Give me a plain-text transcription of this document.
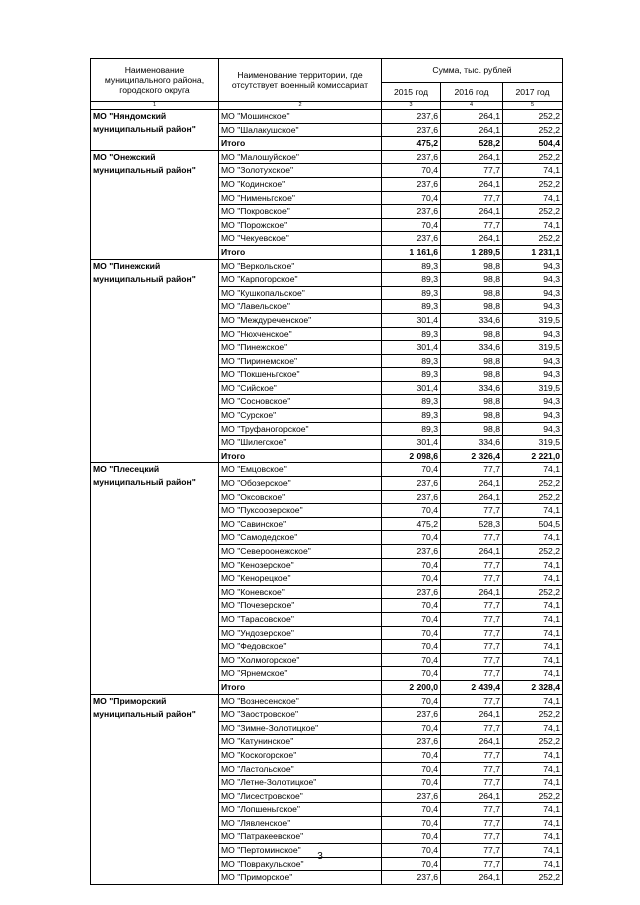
Наименование муниципального района, городского округа	Наименование территории, где отсутствует военный комиссариат	Сумма, тыс. рублей		
		2015 год	2016 год	2017 год
1	2	3	4	5
МО "Няндомский муниципальный район"	МО "Мошинское"	237,6	264,1	252,2
	МО "Шалакушское"	237,6	264,1	252,2
	Итого	475,2	528,2	504,4
МО "Онежский муниципальный район"	МО "Малошуйское"	237,6	264,1	252,2
	МО "Золотухское"	70,4	77,7	74,1
	МО "Кодинское"	237,6	264,1	252,2
	МО "Нименьгское"	70,4	77,7	74,1
	МО "Покровское"	237,6	264,1	252,2
	МО "Порожское"	70,4	77,7	74,1
	МО "Чекуевское"	237,6	264,1	252,2
	Итого	1 161,6	1 289,5	1 231,1
МО "Пинежский муниципальный район"	МО "Веркольское"	89,3	98,8	94,3
	МО "Карпогорское"	89,3	98,8	94,3
	МО "Кушкопальское"	89,3	98,8	94,3
	МО "Лавельское"	89,3	98,8	94,3
	МО "Междуреченское"	301,4	334,6	319,5
	МО "Нюхченское"	89,3	98,8	94,3
	МО "Пинежское"	301,4	334,6	319,5
	МО "Пиринемское"	89,3	98,8	94,3
	МО "Покшеньгское"	89,3	98,8	94,3
	МО "Сийское"	301,4	334,6	319,5
	МО "Сосновское"	89,3	98,8	94,3
	МО "Сурское"	89,3	98,8	94,3
	МО "Труфаногорское"	89,3	98,8	94,3
	МО "Шилегское"	301,4	334,6	319,5
	Итого	2 098,6	2 326,4	2 221,0
МО "Плесецкий муниципальный район"	МО "Емцовское"	70,4	77,7	74,1
	МО "Обозерское"	237,6	264,1	252,2
	МО "Оксовское"	237,6	264,1	252,2
	МО "Пуксоозерское"	70,4	77,7	74,1
	МО "Савинское"	475,2	528,3	504,5
	МО "Самодедское"	70,4	77,7	74,1
	МО "Североонежское"	237,6	264,1	252,2
	МО "Кенозерское"	70,4	77,7	74,1
	МО "Кенорецкое"	70,4	77,7	74,1
	МО "Коневское"	237,6	264,1	252,2
	МО "Почезерское"	70,4	77,7	74,1
	МО "Тарасовское"	70,4	77,7	74,1
	МО "Ундозерское"	70,4	77,7	74,1
	МО "Федовское"	70,4	77,7	74,1
	МО "Холмогорское"	70,4	77,7	74,1
	МО "Ярнемское"	70,4	77,7	74,1
	Итого	2 200,0	2 439,4	2 328,4
МО "Приморский муниципальный район"	МО "Вознесенское"	70,4	77,7	74,1
	МО "Заостровское"	237,6	264,1	252,2
	МО "Зимне-Золотицкое"	70,4	77,7	74,1
	МО "Катунинское"	237,6	264,1	252,2
	МО "Коскогорское"	70,4	77,7	74,1
	МО "Ластольское"	70,4	77,7	74,1
	МО "Летне-Золотицкое"	70,4	77,7	74,1
	МО "Лисестровское"	237,6	264,1	252,2
	МО "Лопшеньгское"	70,4	77,7	74,1
	МО "Лявленское"	70,4	77,7	74,1
	МО "Патракеевское"	70,4	77,7	74,1
	МО "Пертоминское"	70,4	77,7	74,1
	МО "Повракульское"	70,4	77,7	74,1
	МО "Приморское"	237,6	264,1	252,2
3
